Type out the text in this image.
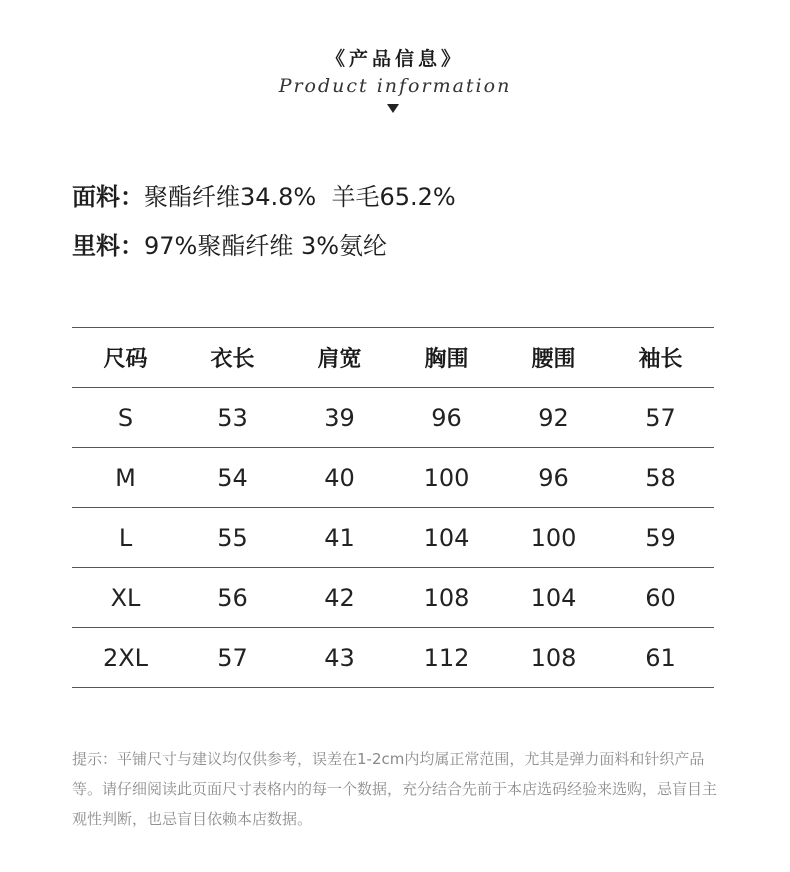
《产品信息》
Product information
面料：聚酯纤维34.8%  羊毛65.2%
里料：97%聚酯纤维 3%氨纶
尺码	衣长	肩宽	胸围	腰围	袖长
S	53	39	96	92	57
M	54	40	100	96	58
L	55	41	104	100	59
XL	56	42	108	104	60
2XL	57	43	112	108	61
提示：平铺尺寸与建议均仅供参考，误差在1-2cm内均属正常范围，尤其是弹力面料和针织产品等。请仔细阅读此页面尺寸表格内的每一个数据，充分结合先前于本店选码经验来选购，忌盲目主观性判断，也忌盲目依赖本店数据。
